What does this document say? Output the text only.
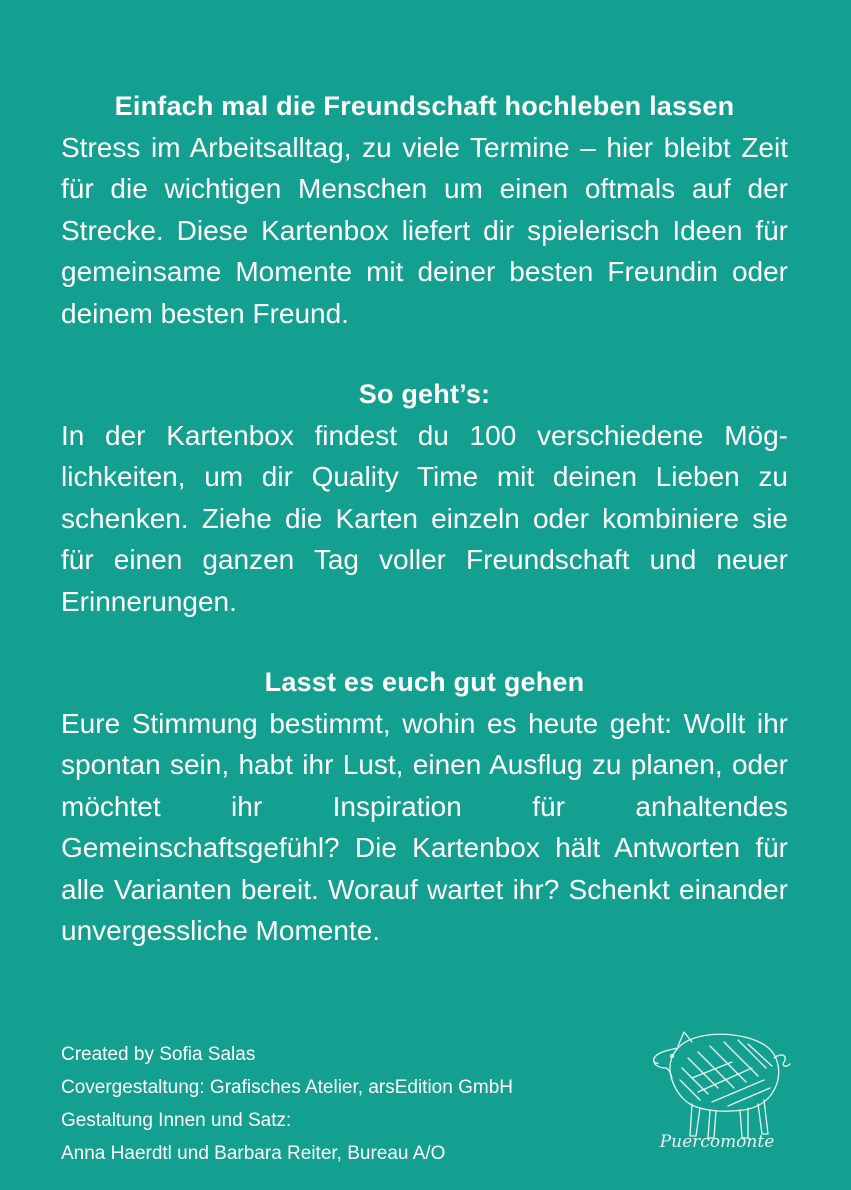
Einfach mal die Freundschaft hochleben lassen

Stress im Arbeitsalltag, zu viele Termine – hier bleibt Zeit für die wichtigen Menschen um einen oftmals auf der Strecke. Diese Kartenbox liefert dir spielerisch Ideen für gemeinsame Momente mit deiner besten Freundin oder deinem besten Freund.

So geht’s:

In der Kartenbox findest du 100 verschiedene Möglichkeiten, um dir Quality Time mit deinen Lieben zu schenken. Ziehe die Karten einzeln oder kombiniere sie für einen ganzen Tag voller Freundschaft und neuer Erinnerungen.

Lasst es euch gut gehen

Eure Stimmung bestimmt, wohin es heute geht: Wollt ihr spontan sein, habt ihr Lust, einen Ausflug zu planen, oder möchtet ihr Inspiration für anhaltendes Gemeinschaftsgefühl? Die Kartenbox hält Antworten für alle Varianten bereit. Worauf wartet ihr? Schenkt einander unvergessliche Momente.

Created by Sofia Salas
Covergestaltung: Grafisches Atelier, arsEdition GmbH
Gestaltung Innen und Satz:
Anna Haerdtl und Barbara Reiter, Bureau A/O
Puercomonte
